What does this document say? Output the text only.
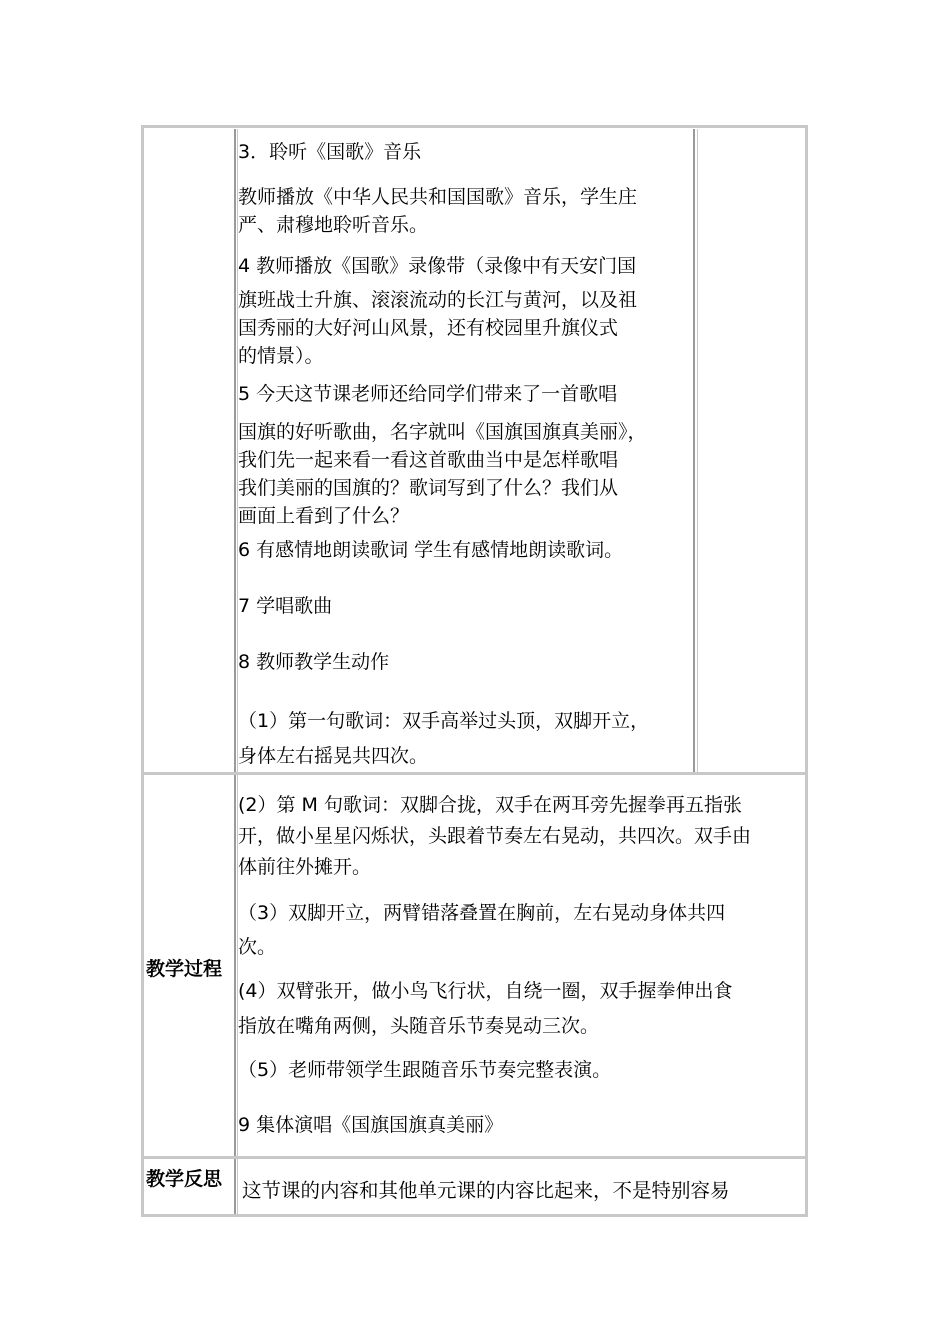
3．聆听《国歌》音乐
教师播放《中华人民共和国国歌》音乐，学生庄
严、肃穆地聆听音乐。
4 教师播放《国歌》录像带（录像中有天安门国
旗班战士升旗、滚滚流动的长江与黄河，以及祖
国秀丽的大好河山风景，还有校园里升旗仪式
的情景）。
5 今天这节课老师还给同学们带来了一首歌唱
国旗的好听歌曲，名字就叫《国旗国旗真美丽》，
我们先一起来看一看这首歌曲当中是怎样歌唱
我们美丽的国旗的？歌词写到了什么？我们从
画面上看到了什么？
6 有感情地朗读歌词 学生有感情地朗读歌词。
7 学唱歌曲
8 教师教学生动作
（1）第一句歌词：双手高举过头顶，双脚开立，
身体左右摇晃共四次。
教学过程
(2）第 M 句歌词：双脚合拢，双手在两耳旁先握拳再五指张
开，做小星星闪烁状，头跟着节奏左右晃动，共四次。双手由
体前往外摊开。
（3）双脚开立，两臂错落叠置在胸前，左右晃动身体共四
次。
(4）双臂张开，做小鸟飞行状，自绕一圈，双手握拳伸出食
指放在嘴角两侧，头随音乐节奏晃动三次。
（5）老师带领学生跟随音乐节奏完整表演。
9 集体演唱《国旗国旗真美丽》
教学反思 这节课的内容和其他单元课的内容比起来，不是特别容易
